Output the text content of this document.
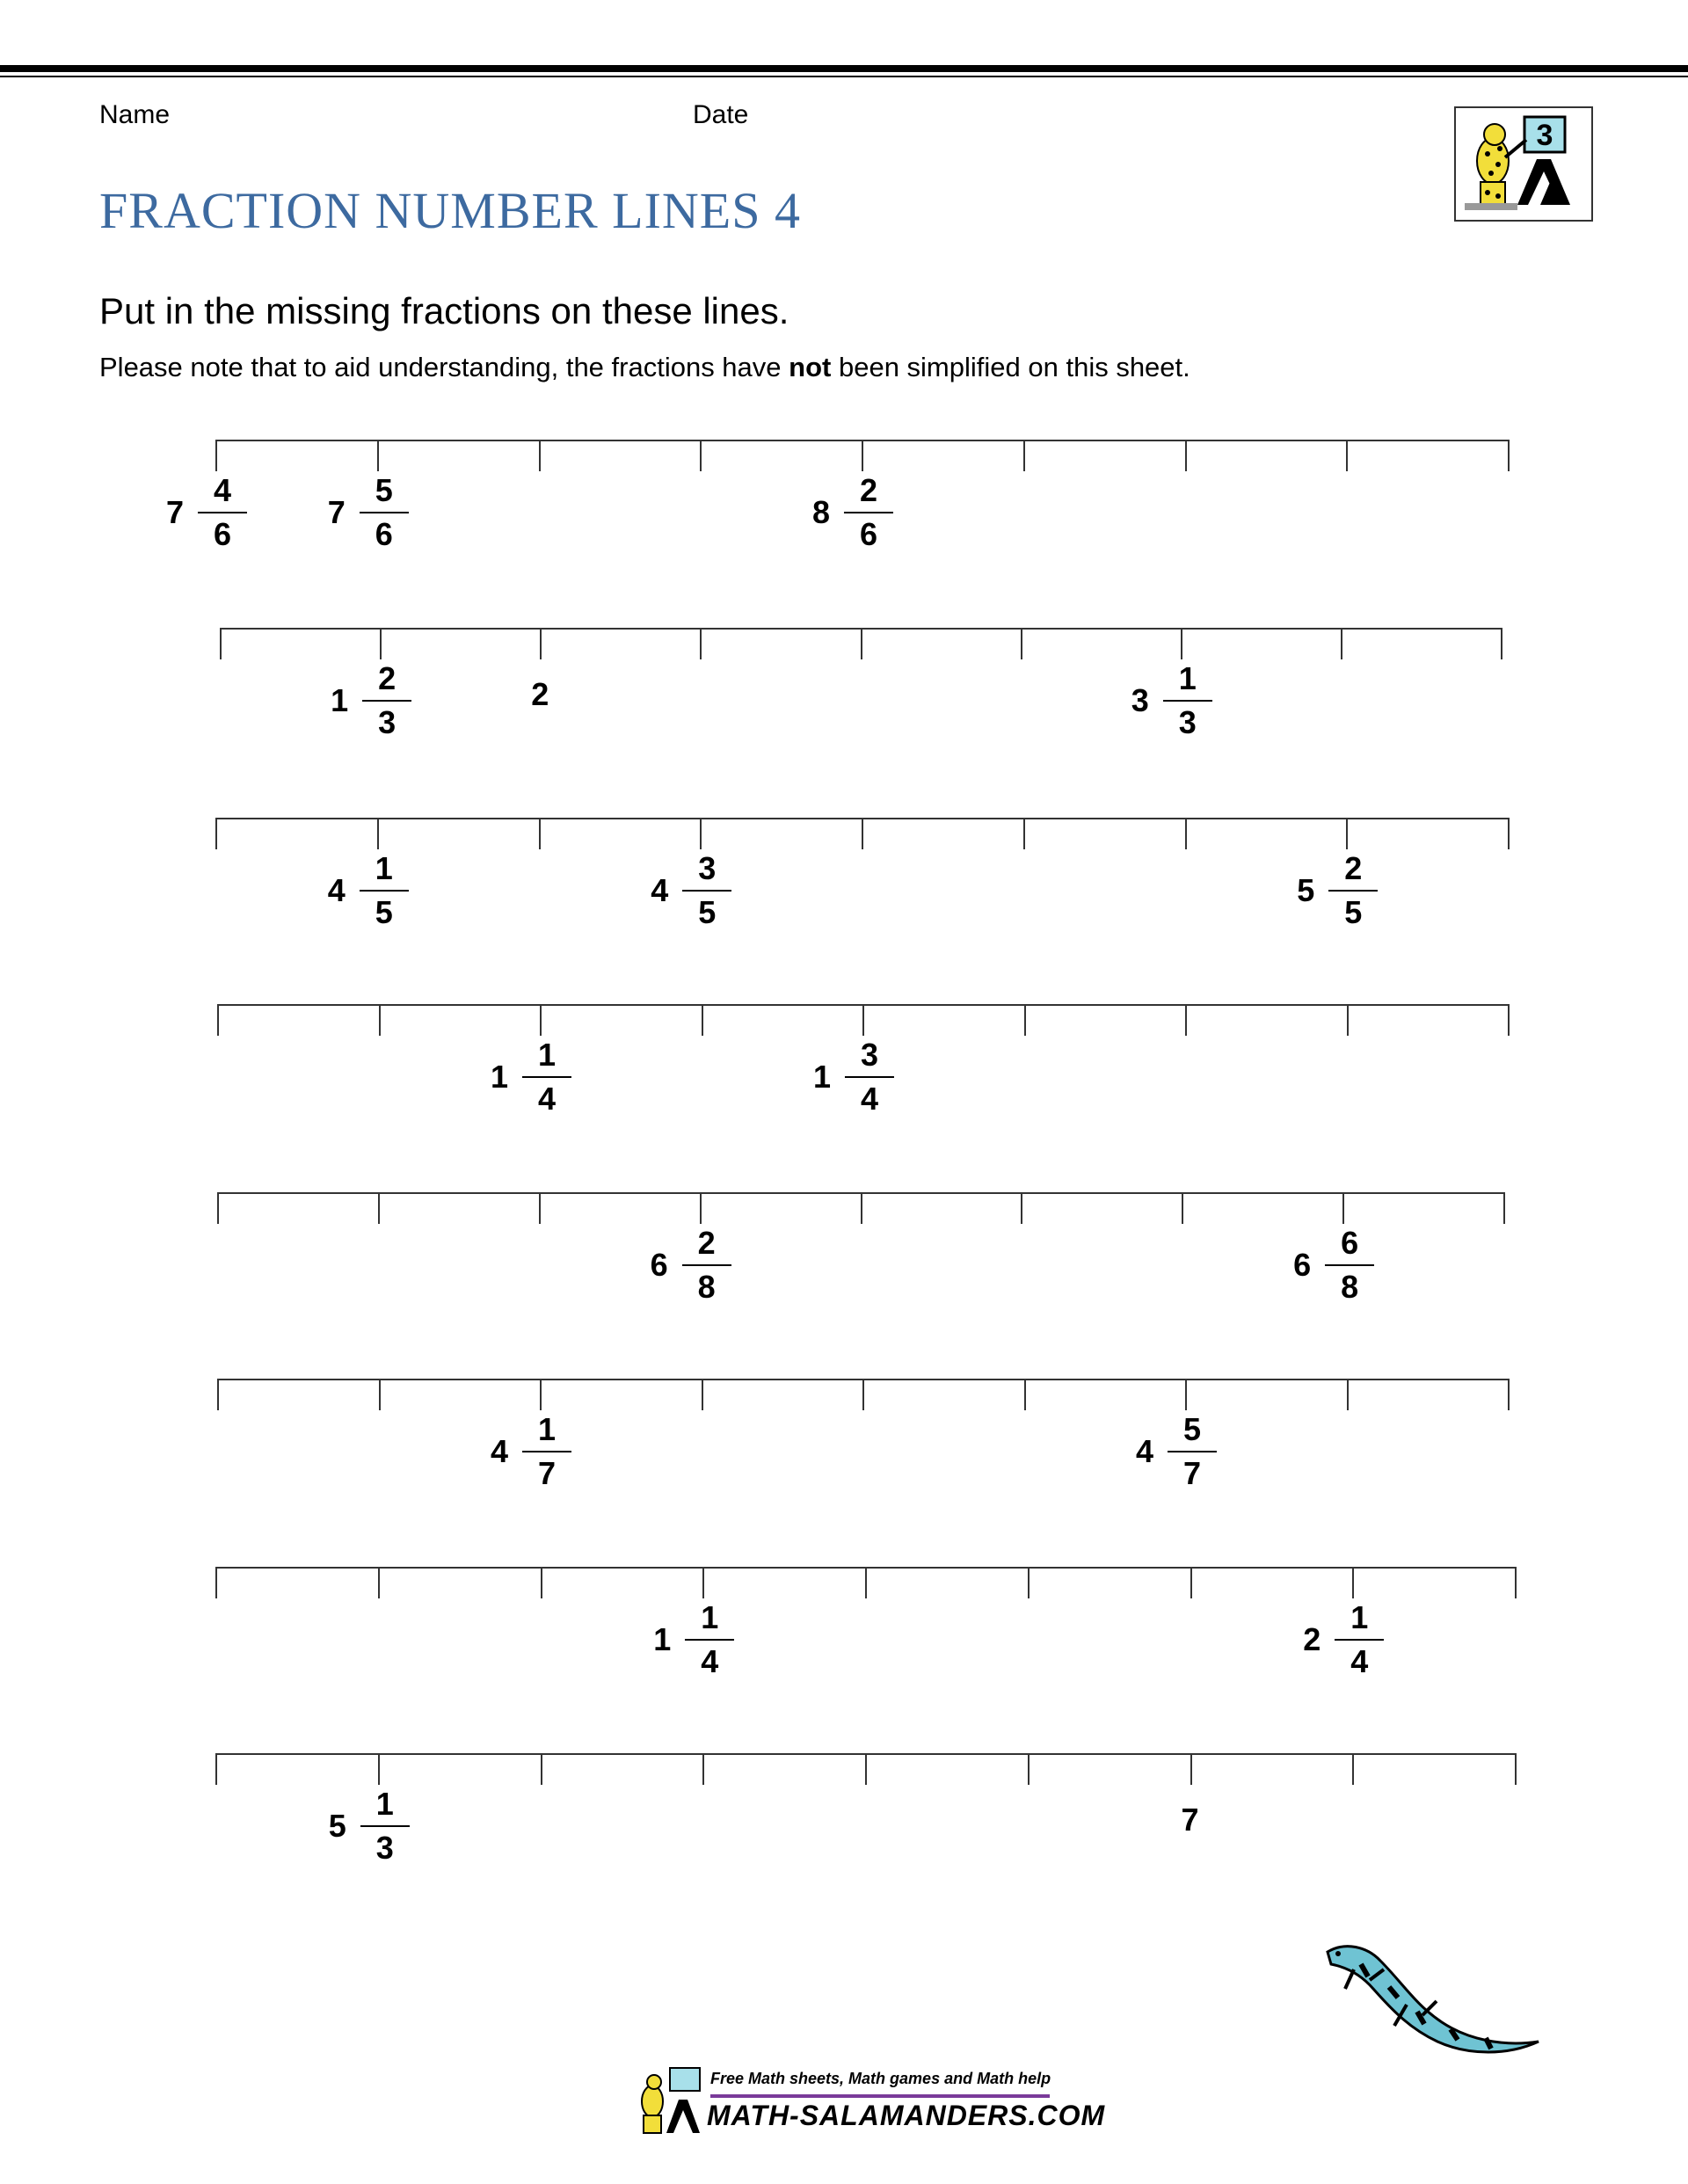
Name	Date
FRACTION NUMBER LINES 4
3

Put in the missing fractions on these lines.

Please note that to aid understanding, the fractions have not been simplified on this sheet.

7
4
6
7
5
6
8
2
6
1
2
3
2	3
1
3
4
1
5
4
3
5
5
2
5
1
1
4
1
3
4
6
2
8
6
6
8
4
1
7
4
5
7
1
1
4
2
1
4
5
1
3
7
Free Math sheets, Math games and Math help
MATH-SALAMANDERS.COM
